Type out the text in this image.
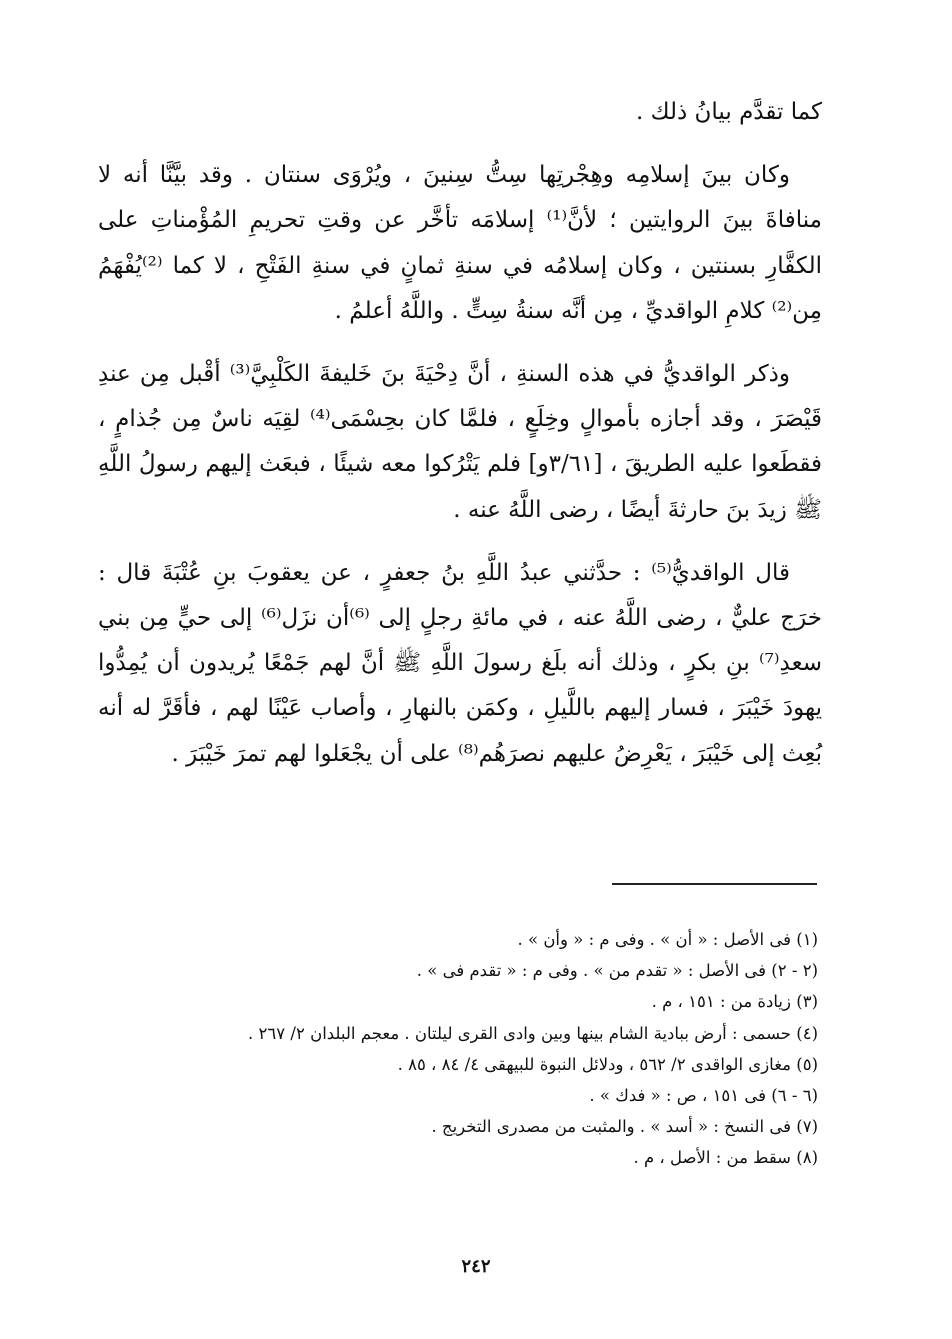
كما تقدَّم بيانُ ذلك .

وكان بينَ إسلامِه وهِجْرتِها سِتُّ سِنينَ ، ويُرْوَى سنتان . وقد بيَّنَّا أنه لا منافاةَ بينَ الروايتين ؛ لأنَّ⁽¹⁾ إسلامَه تأخَّر عن وقتِ تحريمِ المُؤْمناتِ على الكفَّارِ بسنتين ، وكان إسلامُه في سنةِ ثمانٍ في سنةِ الفَتْحِ ، لا كما ⁽²⁾يُفْهَمُ مِن⁽²⁾ كلامِ الواقديِّ ، مِن أنَّه سنةُ سِتٍّ . واللَّهُ أعلمُ .

وذكر الواقديُّ في هذه السنةِ ، أنَّ دِحْيَةَ بنَ خَليفةَ الكَلْبِيَّ⁽³⁾ أقْبل مِن عندِ قَيْصَرَ ، وقد أجازه بأموالٍ وخِلَعٍ ، فلمَّا كان بحِسْمَى⁽⁴⁾ لقِيَه ناسٌ مِن جُذامٍ ، فقطَعوا عليه الطريقَ ، [٣/٦١و] فلم يَتْرُكوا معه شيئًا ، فبعَث إليهم رسولُ اللَّهِ ﷺ زيدَ بنَ حارثةَ أيضًا ، رضى اللَّهُ عنه .

قال الواقديُّ⁽⁵⁾ : حدَّثني عبدُ اللَّهِ بنُ جعفرٍ ، عن يعقوبَ بنِ عُتْبَةَ قال : خرَج عليٌّ ، رضى اللَّهُ عنه ، في مائةِ رجلٍ إلى ⁽⁶⁾أن نزَل⁽⁶⁾ إلى حيٍّ مِن بني سعدِ⁽⁷⁾ بنِ بكرٍ ، وذلك أنه بلَغ رسولَ اللَّهِ ﷺ أنَّ لهم جَمْعًا يُريدون أن يُمِدُّوا يهودَ خَيْبَرَ ، فسار إليهم باللَّيلِ ، وكمَن بالنهارِ ، وأصاب عَيْنًا لهم ، فأقَرَّ له أنه بُعِث إلى خَيْبَرَ ، يَعْرِضُ عليهم نصرَهُم⁽⁸⁾ على أن يجْعَلوا لهم تمرَ خَيْبَرَ .

(١) فى الأصل : « أن » . وفى م : « وأن » .
(٢ - ٢) فى الأصل : « تقدم من » . وفى م : « تقدم فى » .
(٣) زيادة من : ١٥١ ، م .
(٤) حسمى : أرض ببادية الشام بينها وبين وادى القرى ليلتان . معجم البلدان ٢/ ٢٦٧ .
(٥) مغازى الواقدى ٢/ ٥٦٢ ، ودلائل النبوة للبيهقى ٤/ ٨٤ ، ٨٥ .
(٦ - ٦) فى ١٥١ ، ص : « فدك » .
(٧) فى النسخ : « أسد » . والمثبت من مصدرى التخريج .
(٨) سقط من : الأصل ، م .
٢٤٢
